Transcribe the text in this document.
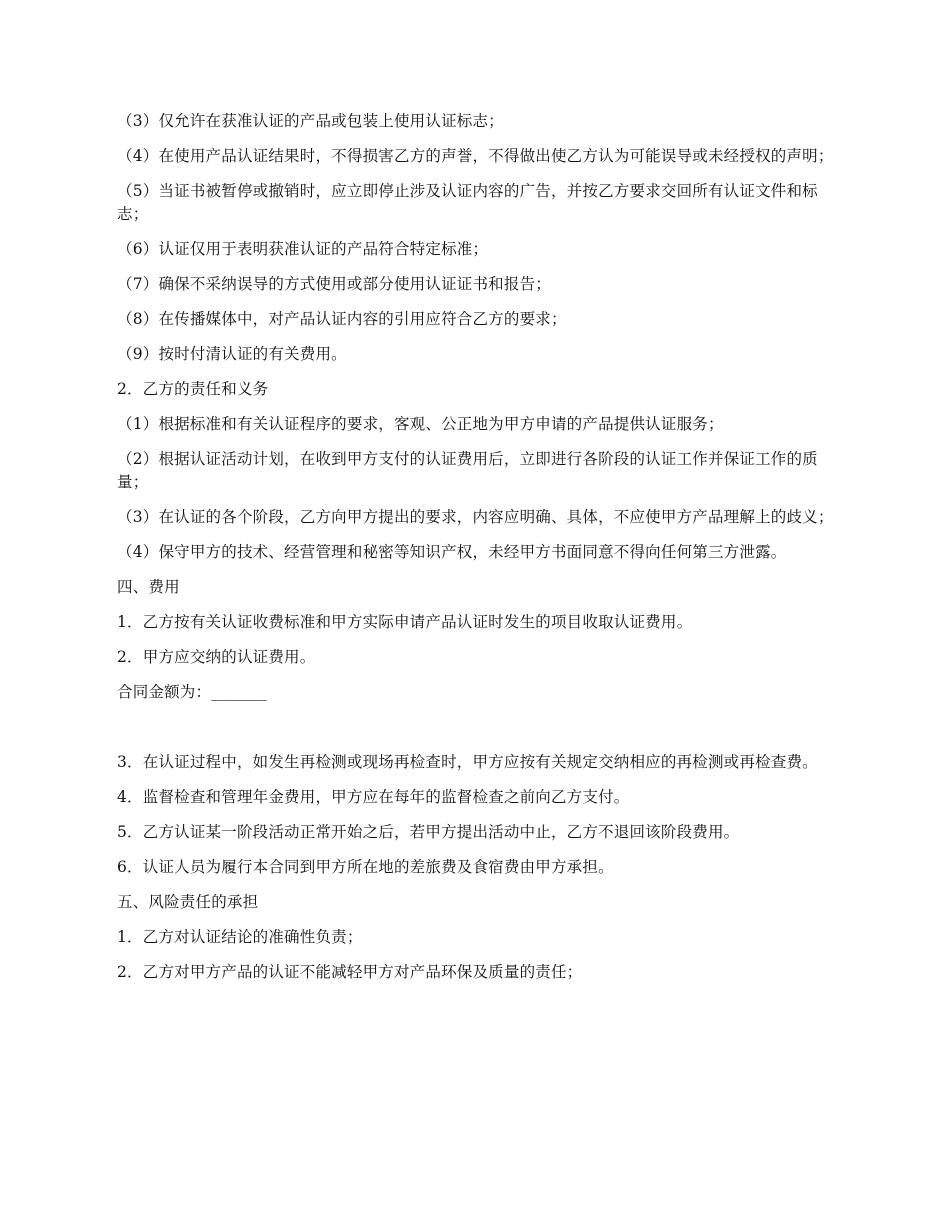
（3）仅允许在获准认证的产品或包装上使用认证标志；

（4）在使用产品认证结果时，不得损害乙方的声誉，不得做出使乙方认为可能误导或未经授权的声明；

（5）当证书被暂停或撤销时，应立即停止涉及认证内容的广告，并按乙方要求交回所有认证文件和标志；

（6）认证仅用于表明获准认证的产品符合特定标准；

（7）确保不采纳误导的方式使用或部分使用认证证书和报告；

（8）在传播媒体中，对产品认证内容的引用应符合乙方的要求；

（9）按时付清认证的有关费用。

2．乙方的责任和义务

（1）根据标准和有关认证程序的要求，客观、公正地为甲方申请的产品提供认证服务；

（2）根据认证活动计划，在收到甲方支付的认证费用后，立即进行各阶段的认证工作并保证工作的质量；

（3）在认证的各个阶段，乙方向甲方提出的要求，内容应明确、具体，不应使甲方产品理解上的歧义；

（4）保守甲方的技术、经营管理和秘密等知识产权，未经甲方书面同意不得向任何第三方泄露。

四、费用

1．乙方按有关认证收费标准和甲方实际申请产品认证时发生的项目收取认证费用。

2．甲方应交纳的认证费用。

合同金额为：_______

3．在认证过程中，如发生再检测或现场再检查时，甲方应按有关规定交纳相应的再检测或再检查费。

4．监督检查和管理年金费用，甲方应在每年的监督检查之前向乙方支付。

5．乙方认证某一阶段活动正常开始之后，若甲方提出活动中止，乙方不退回该阶段费用。

6．认证人员为履行本合同到甲方所在地的差旅费及食宿费由甲方承担。

五、风险责任的承担

1．乙方对认证结论的准确性负责；

2．乙方对甲方产品的认证不能减轻甲方对产品环保及质量的责任；
